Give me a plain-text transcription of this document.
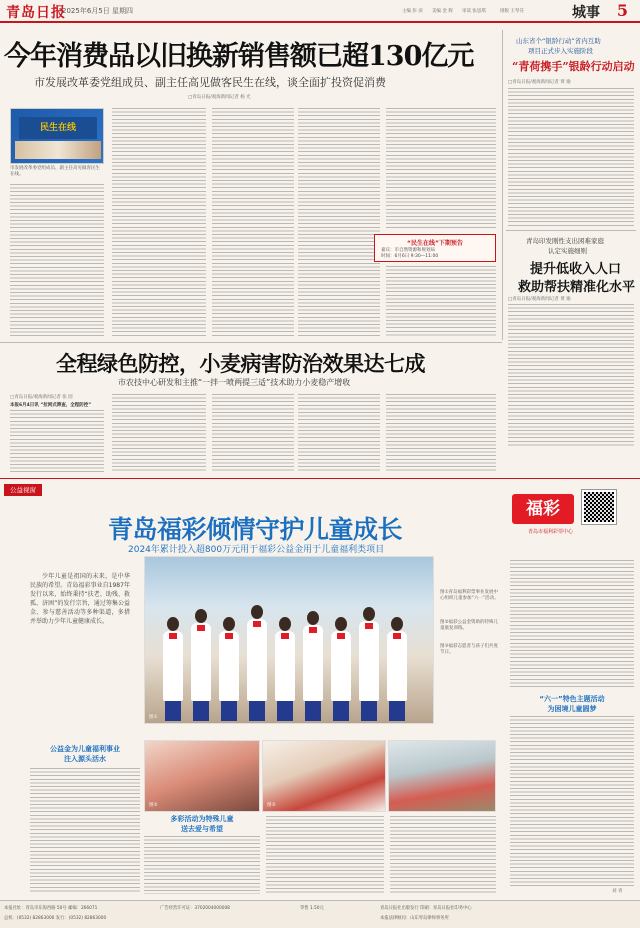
青岛日报
2025年6月5日 星期四	主编 彭 滨 美编 金 辉 审读 张思琪	排版 王琴芬	城事 5
今年消费品以旧换新销售额已超130亿元
市发展改革委党组成员、副主任高见做客民生在线，谈全面扩投资促消费
□青岛日报/观海新闻记者 杨 光
民生在线
市发展改革委党组成员、副主任高见做客民生在线。
“民生在线”下期预告
嘉宾：市自然资源和规划局
时间：6月6日 9:30—11:00
山东省个“银龄行动”省内互助
项目正式步入实施阶段
“青荷携手”银龄行动启动
□青岛日报/观海新闻记者 黄 瑜
青岛印发刚性支出困难家庭
认定实施细则
提升低收入人口
救助帮扶精准化水平
□青岛日报/观海新闻记者 黄 瑜
全程绿色防控，小麦病害防治效果达七成
市农技中心研发和主推“一拌一喷两提三适”技术助力小麦稳产增收
□青岛日报/观海新闻记者 张 园
本报6月4日讯 “拉网式筛查，全程防控”
公益视窗
青岛福彩倾情守护儿童成长
2024年累计投入超800万元用于福彩公益金用于儿童福利类项目
福彩
青岛市福利彩票中心
少年儿童是祖国的未来，是中华民族的希望。青岛福彩事业自1987年发行以来，始终秉持“扶老、助残、救孤、济困”的发行宗旨，通过筹集公益金、参与慈善活动等多种渠道，多措并举助力少年儿童健康成长。
公益金为儿童福利事业
注入源头活水
图①
图①青岛福利彩票事业发展中心组织儿童参加“六一”活动。
图②福彩公益金资助的特殊儿童康复训练。
图③福彩志愿者与孩子们共度节日。
图②	图③
多彩活动为特殊儿童
送去爱与希望
“六一”特色主题活动
为困境儿童圆梦
刘 青
本报社址：青岛市东海西路 50号 邮编：266071
总机：(0532) 82863000 发行：(0532) 82863000
广告经营许可证：3702004000008	零售 1.50元	青岛日报社出版发行 印刷：青岛日报社印务中心
本报法律顾问：山东琴岛律师事务所
